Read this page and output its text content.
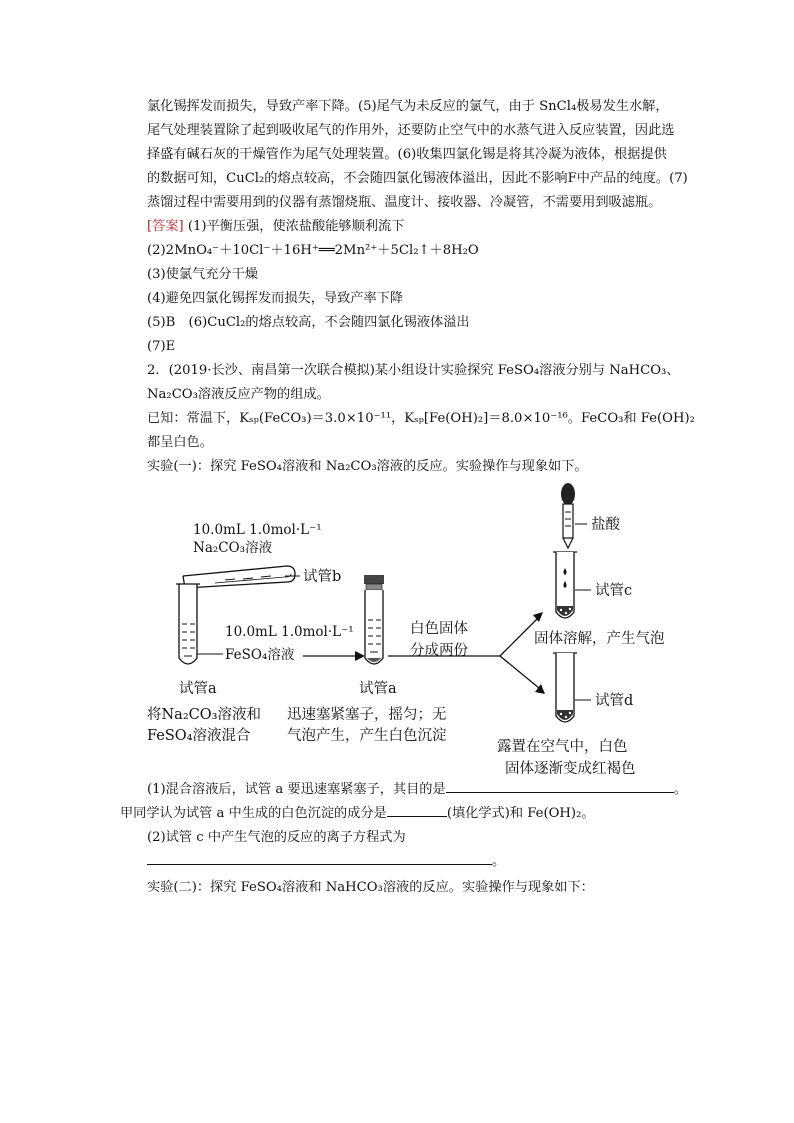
氯化锡挥发而损失，导致产率下降。(5)尾气为未反应的氯气，由于 SnCl₄极易发生水解，
尾气处理装置除了起到吸收尾气的作用外，还要防止空气中的水蒸气进入反应装置，因此选
择盛有碱石灰的干燥管作为尾气处理装置。(6)收集四氯化锡是将其冷凝为液体，根据提供
的数据可知，CuCl₂的熔点较高，不会随四氯化锡液体溢出，因此不影响F中产品的纯度。(7)
蒸馏过程中需要用到的仪器有蒸馏烧瓶、温度计、接收器、冷凝管，不需要用到吸滤瓶。
[答案] (1)平衡压强，使浓盐酸能够顺利流下
(2)2MnO₄⁻＋10Cl⁻＋16H⁺══2Mn²⁺＋5Cl₂↑＋8H₂O
(3)使氯气充分干燥
(4)避免四氯化锡挥发而损失，导致产率下降
(5)B　(6)CuCl₂的熔点较高，不会随四氯化锡液体溢出
(7)E
2．(2019·长沙、南昌第一次联合模拟)某小组设计实验探究 FeSO₄溶液分别与 NaHCO₃、
Na₂CO₃溶液反应产物的组成。
已知：常温下，Kₛₚ(FeCO₃)＝3.0×10⁻¹¹，Kₛₚ[Fe(OH)₂]＝8.0×10⁻¹⁶。FeCO₃和 Fe(OH)₂
都呈白色。
实验(一)：探究 FeSO₄溶液和 Na₂CO₃溶液的反应。实验操作与现象如下。
盐酸
10.0mL 1.0mol·L⁻¹
Na₂CO₃溶液
试管b
10.0mL 1.0mol·L⁻¹
FeSO₄溶液
试管a
将Na₂CO₃溶液和
FeSO₄溶液混合
试管a
迅速塞紧塞子，摇匀；无
气泡产生，产生白色沉淀
白色固体
分成两份
试管c
固体溶解，产生气泡
试管d
露置在空气中，白色
固体逐渐变成红褐色
(1)混合溶液后，试管 a 要迅速塞紧塞子，其目的是	。
甲同学认为试管 a 中生成的白色沉淀的成分是	(填化学式)和 Fe(OH)₂。
(2)试管 c 中产生气泡的反应的离子方程式为
。
实验(二)：探究 FeSO₄溶液和 NaHCO₃溶液的反应。实验操作与现象如下：
